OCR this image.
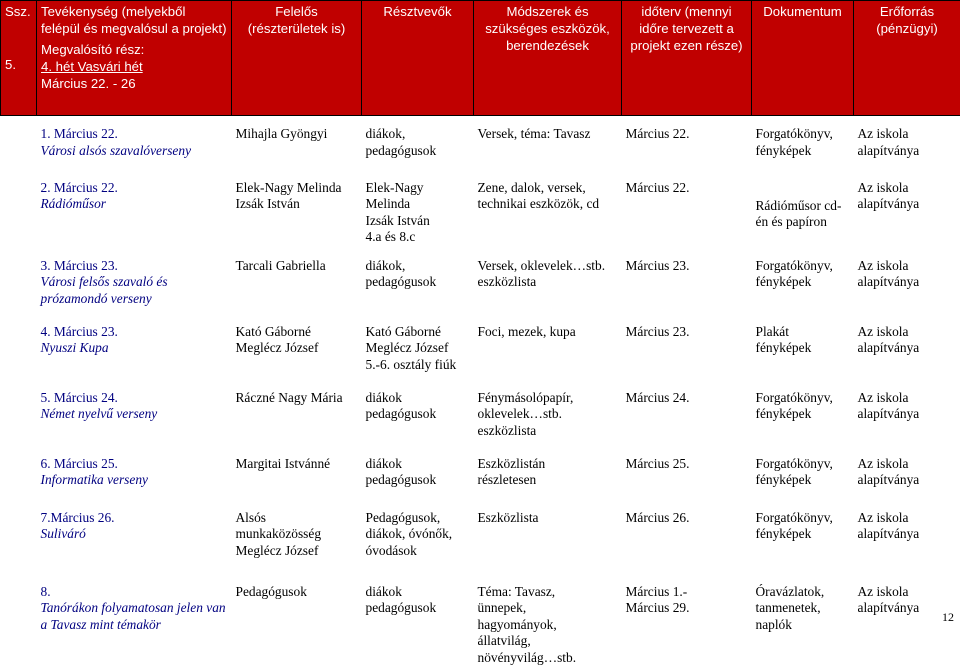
Ssz.
5.	Tevékenység (melyekből felépül és megvalósul a projekt)
Megvalósító rész:
4. hét Vasvári hét
Március 22. - 26	Felelős (részterületek is)	Résztvevők	Módszerek és szükséges eszközök, berendezések	időterv (mennyi időre tervezett a projekt ezen része)	Dokumentum	Erőforrás (pénzügyi)

1. Március 22.
Városi alsós szavalóverseny		Mihajla Gyöngyi	diákok,
pedagógusok	Versek, téma: Tavasz	Március 22.	Forgatókönyv,
fényképek	Az iskola
alapítványa

2. Március 22.
Rádióműsor		Elek-Nagy Melinda
Izsák István	Elek-Nagy
Melinda
Izsák István
4.a és 8.c	Zene, dalok, versek,
technikai eszközök, cd	Március 22.	Rádióműsor cd-
én és papíron	Az iskola
alapítványa

3. Március 23.
Városi felsős szavaló és prózamondó verseny		Tarcali Gabriella	diákok,
pedagógusok	Versek, oklevelek…stb.
eszközlista	Március 23.	Forgatókönyv,
fényképek	Az iskola
alapítványa

4. Március 23.
Nyuszi Kupa		Kató Gáborné
Meglécz József	Kató Gáborné
Meglécz József
5.-6. osztály fiúk	Foci, mezek, kupa	Március 23.	Plakát
fényképek	Az iskola
alapítványa

5. Március 24.
Német nyelvű verseny		Ráczné Nagy Mária	diákok
pedagógusok	Fénymásolópapír,
oklevelek…stb.
eszközlista	Március 24.	Forgatókönyv,
fényképek	Az iskola
alapítványa

6. Március 25.
Informatika verseny		Margitai Istvánné	diákok
pedagógusok	Eszközlistán
részletesen	Március 25.	Forgatókönyv,
fényképek	Az iskola
alapítványa

7.Március 26.
Suliváró		Alsós
munkaközösség
Meglécz József	Pedagógusok,
diákok, óvónők,
óvodások	Eszközlista	Március 26.	Forgatókönyv,
fényképek	Az iskola
alapítványa

8.
Tanórákon folyamatosan jelen van a Tavasz mint témakör		Pedagógusok	diákok
pedagógusok	Téma: Tavasz,
ünnepek,
hagyományok,
állatvilág,
növényvilág…stb.	Március 1.-
Március 29.	Óravázlatok,
tanmenetek,
naplók	Az iskola
alapítványa
12
